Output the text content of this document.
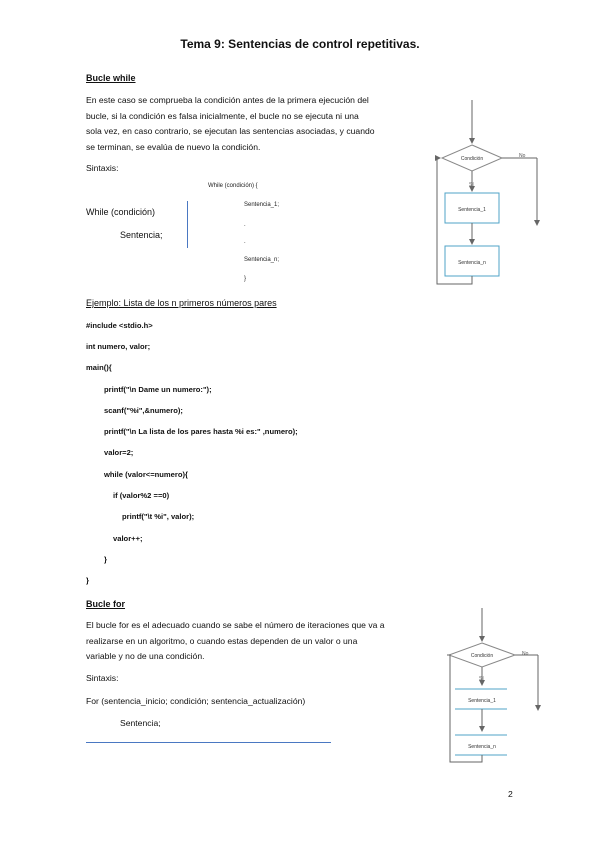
Tema 9: Sentencias de control repetitivas.
Bucle while
En este caso se comprueba la condición antes de la primera ejecución del
bucle, si la condición es falsa inicialmente, el bucle no se ejecuta ni una
sola vez, en caso contrario, se ejecutan las sentencias asociadas, y cuando
se terminan, se evalúa de nuevo la condición.
Sintaxis:
While (condición)
Sentencia;
While (condición) {
Sentencia_1;
.
.
Sentencia_n;
}
Condición	No
Sí
Sentencia_1
Sentencia_n
Ejemplo: Lista de los n primeros números pares
#include <stdio.h>
int numero, valor;
main(){
printf("\n Dame un numero:");
scanf("%i",&numero);
printf("\n La lista de los pares hasta %i es:" ,numero);
valor=2;
while (valor<=numero){
if (valor%2 ==0)
printf("\t %i", valor);
valor++;
}
}
Bucle for
El bucle for es el adecuado cuando se sabe el número de iteraciones que va a
realizarse en un algoritmo, o cuando estas dependen de un valor o una
variable y no de una condición.
Sintaxis:
For (sentencia_inicio; condición; sentencia_actualización)
Sentencia;
Condición	No
Sí
Sentencia_1
Sentencia_n
2
